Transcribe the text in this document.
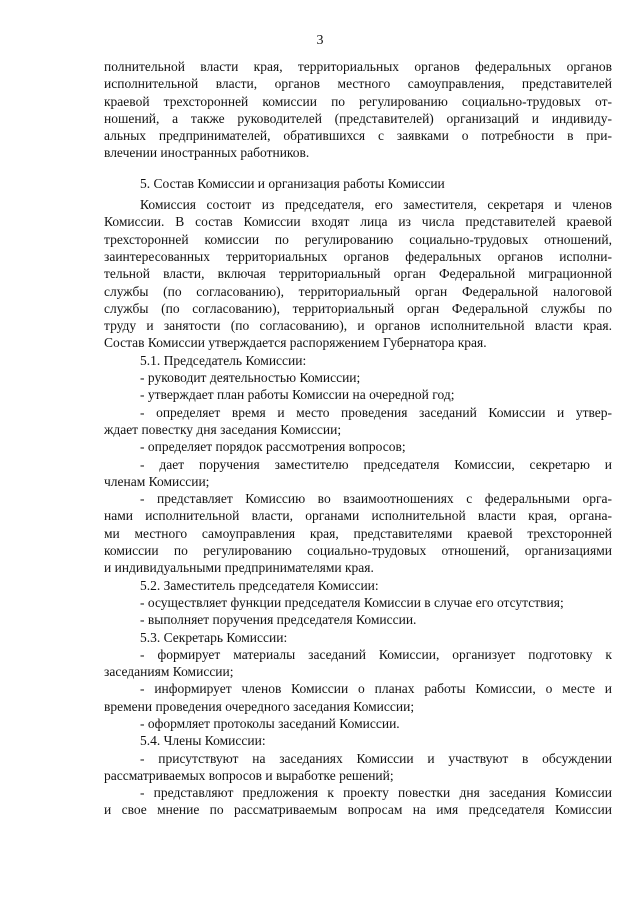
3

полнительной власти края, территориальных органов федеральных органов

исполнительной власти, органов местного самоуправления, представителей

краевой трехсторонней комиссии по регулированию социально-трудовых от-

ношений, а также руководителей (представителей) организаций и индивиду-

альных предпринимателей, обратившихся с заявками о потребности в при-

влечении иностранных работников.

5. Состав Комиссии и организация работы Комиссии

Комиссия состоит из председателя, его заместителя, секретаря и членов

Комиссии. В состав Комиссии входят лица из числа представителей краевой

трехсторонней комиссии по регулированию социально-трудовых отношений,

заинтересованных территориальных органов федеральных органов исполни-

тельной власти, включая территориальный орган Федеральной миграционной

службы (по согласованию), территориальный орган Федеральной налоговой

службы (по согласованию), территориальный орган Федеральной службы по

труду и занятости (по согласованию), и органов исполнительной власти края.

Состав Комиссии утверждается распоряжением Губернатора края.

5.1. Председатель Комиссии:

- руководит деятельностью Комиссии;

- утверждает план работы Комиссии на очередной год;

- определяет время и место проведения заседаний Комиссии и утвер-

ждает повестку дня заседания Комиссии;

- определяет порядок рассмотрения вопросов;

- дает поручения заместителю председателя Комиссии, секретарю и

членам Комиссии;

- представляет Комиссию во взаимоотношениях с федеральными орга-

нами исполнительной власти, органами исполнительной власти края, органа-

ми местного самоуправления края, представителями краевой трехсторонней

комиссии по регулированию социально-трудовых отношений, организациями

и индивидуальными предпринимателями края.

5.2. Заместитель председателя Комиссии:

- осуществляет функции председателя Комиссии в случае его отсутствия;

- выполняет поручения председателя Комиссии.

5.3. Секретарь Комиссии:

- формирует материалы заседаний Комиссии, организует подготовку к

заседаниям Комиссии;

- информирует членов Комиссии о планах работы Комиссии, о месте и

времени проведения очередного заседания Комиссии;

- оформляет протоколы заседаний Комиссии.

5.4. Члены Комиссии:

- присутствуют на заседаниях Комиссии и участвуют в обсуждении

рассматриваемых вопросов и выработке решений;

- представляют предложения к проекту повестки дня заседания Комиссии

и свое мнение по рассматриваемым вопросам на имя председателя Комиссии
